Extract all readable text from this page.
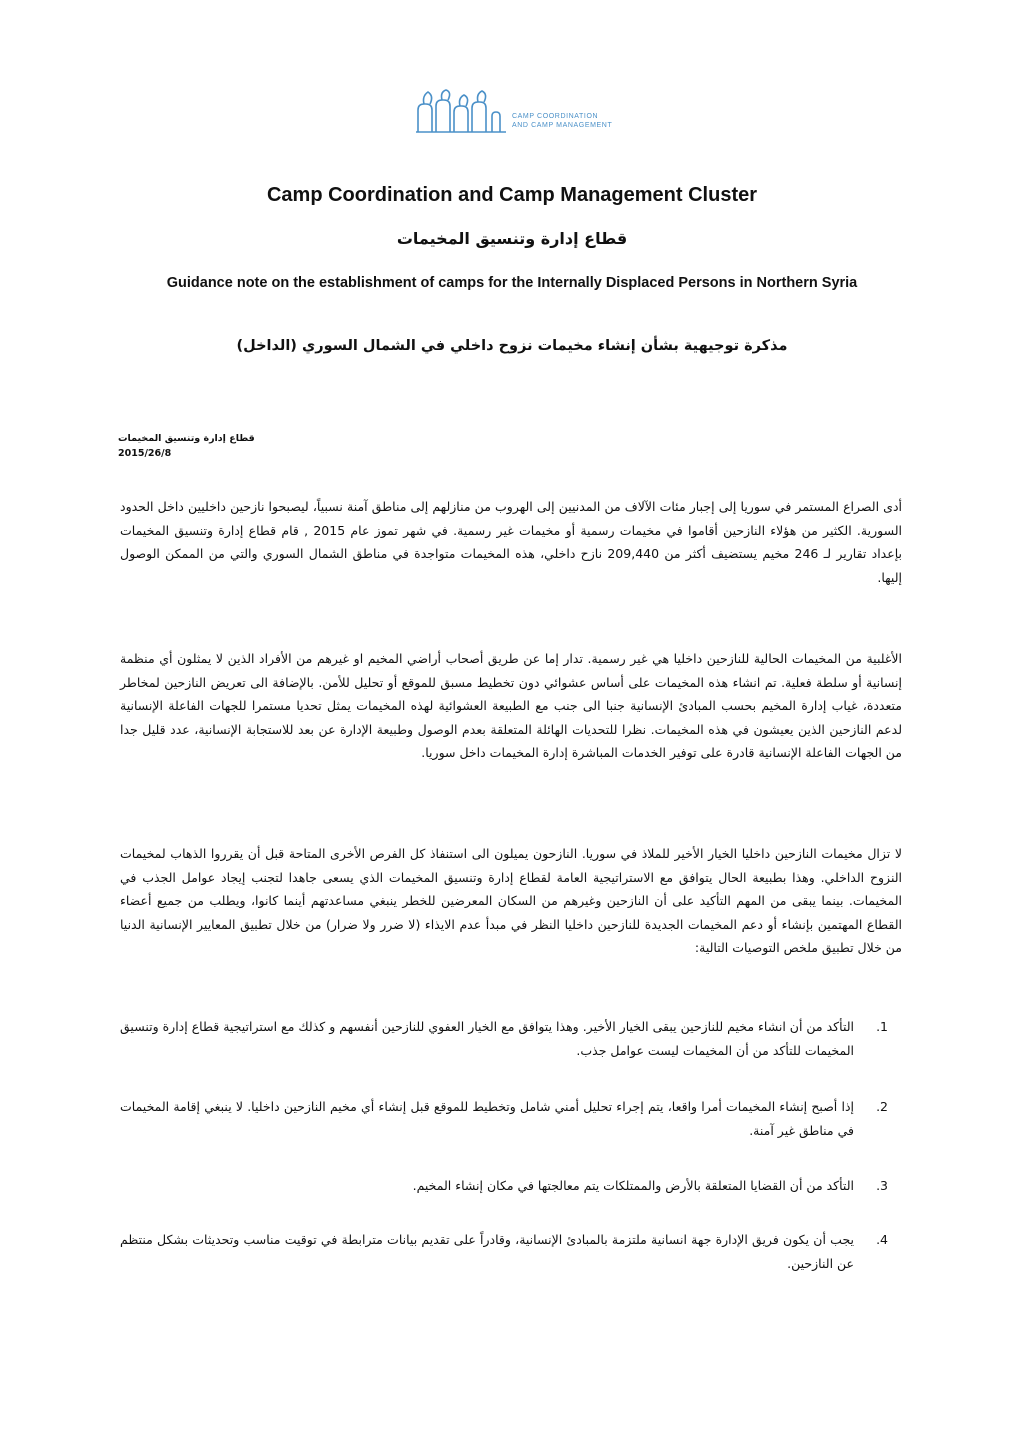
CAMP COORDINATION
AND CAMP MANAGEMENT
Camp Coordination and Camp Management Cluster
قطاع إدارة وتنسيق المخيمات
Guidance note on the establishment of camps for the Internally Displaced Persons in Northern Syria
مذكرة توجيهية بشأن إنشاء مخيمات نزوح داخلي في الشمال السوري (الداخل)
قطاع إدارة وتنسيق المخيمات
2015/26/8

أدى الصراع المستمر في سوريا إلى إجبار مئات الآلاف من المدنيين إلى الهروب من منازلهم إلى مناطق آمنة نسبياً، ليصبحوا نازحين داخليين داخل الحدود السورية. الكثير من هؤلاء النازحين أقاموا في مخيمات رسمية أو مخيمات غير رسمية. في شهر تموز عام 2015 , قام قطاع إدارة وتنسيق المخيمات بإعداد تقارير لـ 246 مخيم يستضيف أكثر من 209,440 نازح داخلي، هذه المخيمات متواجدة في مناطق الشمال السوري والتي من الممكن الوصول إليها.

الأغلبية من المخيمات الحالية للنازحين داخليا هي غير رسمية. تدار إما عن طريق أصحاب أراضي المخيم او غيرهم من الأفراد الذين لا يمثلون أي منظمة إنسانية أو سلطة فعلية. تم انشاء هذه المخيمات على أساس عشوائي دون تخطيط مسبق للموقع أو تحليل للأمن. بالإضافة الى تعريض النازحين لمخاطر متعددة، غياب إدارة المخيم بحسب المبادئ الإنسانية جنبا الى جنب مع الطبيعة العشوائية لهذه المخيمات يمثل تحديا مستمرا للجهات الفاعلة الإنسانية لدعم النازحين الذين يعيشون في هذه المخيمات. نظرا للتحديات الهائلة المتعلقة بعدم الوصول وطبيعة الإدارة عن بعد للاستجابة الإنسانية، عدد قليل جدا من الجهات الفاعلة الإنسانية قادرة على توفير الخدمات المباشرة إدارة المخيمات داخل سوريا.

لا تزال مخيمات النازحين داخليا الخيار الأخير للملاذ في سوريا. النازحون يميلون الى استنفاذ كل الفرص الأخرى المتاحة قبل أن يقرروا الذهاب لمخيمات النزوح الداخلي. وهذا بطبيعة الحال يتوافق مع الاستراتيجية العامة لقطاع إدارة وتنسيق المخيمات الذي يسعى جاهدا لتجنب إيجاد عوامل الجذب في المخيمات. بينما يبقى من المهم التأكيد على أن النازحين وغيرهم من السكان المعرضين للخطر ينبغي مساعدتهم أينما كانوا، ويطلب من جميع أعضاء القطاع المهتمين بإنشاء أو دعم المخيمات الجديدة للنازحين داخليا النظر في مبدأ عدم الايذاء (لا ضرر ولا ضرار) من خلال تطبيق المعايير الإنسانية الدنيا من خلال تطبيق ملخص التوصيات التالية:

1.
التأكد من أن انشاء مخيم للنازحين يبقى الخيار الأخير. وهذا يتوافق مع الخيار العفوي للنازحين أنفسهم و كذلك مع استراتيجية قطاع إدارة وتنسيق المخيمات للتأكد من أن المخيمات ليست عوامل جذب.
2.
إذا أصبح إنشاء المخيمات أمرا واقعا، يتم إجراء تحليل أمني شامل وتخطيط للموقع قبل إنشاء أي مخيم النازحين داخليا. لا ينبغي إقامة المخيمات في مناطق غير آمنة.
3.
التأكد من أن القضايا المتعلقة بالأرض والممتلكات يتم معالجتها في مكان إنشاء المخيم.
4.
يجب أن يكون فريق الإدارة جهة انسانية ملتزمة بالمبادئ الإنسانية، وقادراً على تقديم بيانات مترابطة في توقيت مناسب وتحديثات بشكل منتظم عن النازحين.
